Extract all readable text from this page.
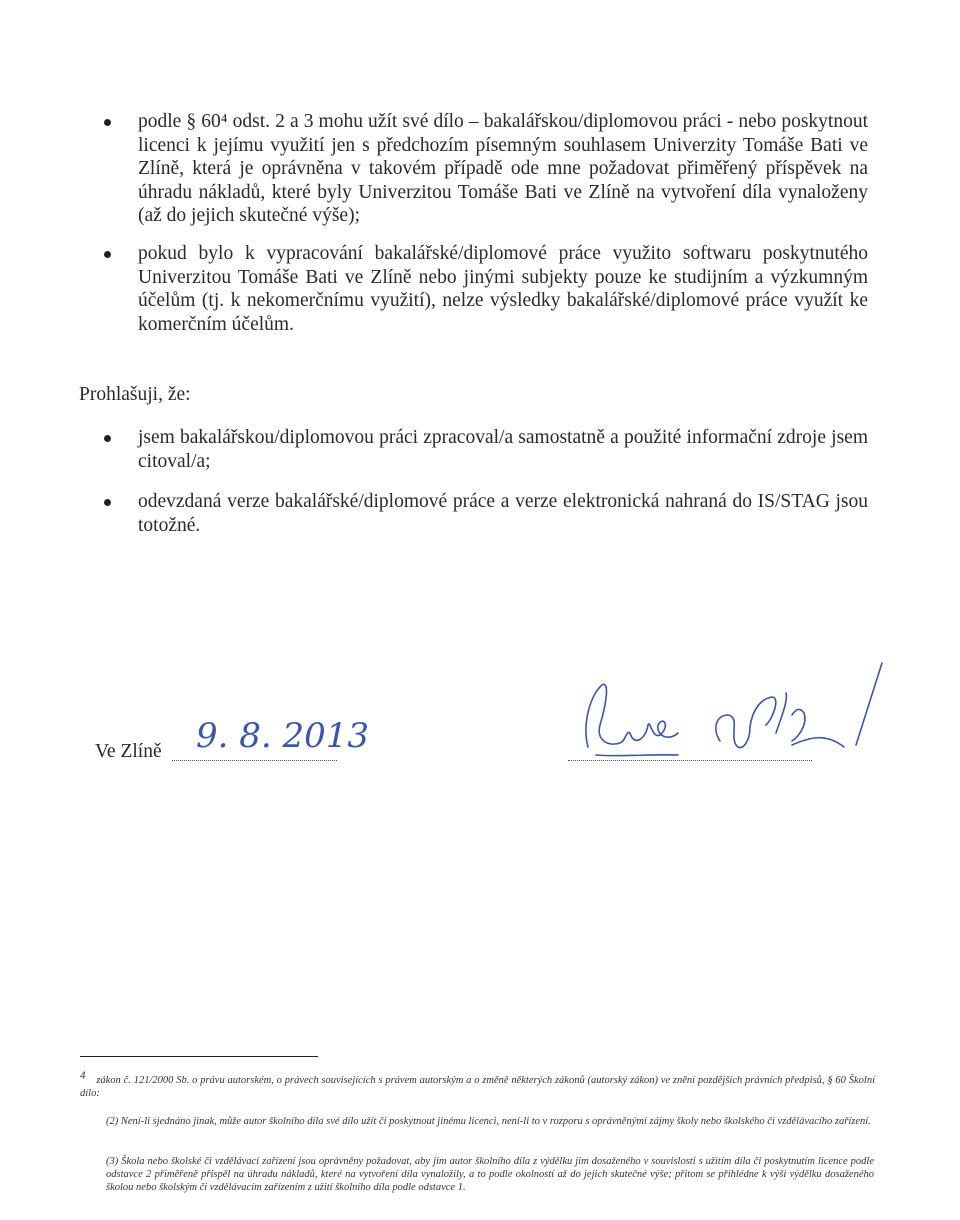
podle § 60⁴ odst. 2 a 3 mohu užít své dílo – bakalářskou/diplomovou práci - nebo poskytnout licenci k jejímu využití jen s předchozím písemným souhlasem Univerzity Tomáše Bati ve Zlíně, která je oprávněna v takovém případě ode mne požadovat přiměřený příspěvek na úhradu nákladů, které byly Univerzitou Tomáše Bati ve Zlíně na vytvoření díla vynaloženy (až do jejich skutečné výše);
pokud bylo k vypracování bakalářské/diplomové práce využito softwaru poskytnutého Univerzitou Tomáše Bati ve Zlíně nebo jinými subjekty pouze ke studijním a výzkumným účelům (tj. k nekomerčnímu využití), nelze výsledky bakalářské/diplomové práce využít ke komerčním účelům.
Prohlašuji, že:
jsem bakalářskou/diplomovou práci zpracoval/a samostatně a použité informační zdroje jsem citoval/a;
odevzdaná verze bakalářské/diplomové práce a verze elektronická nahraná do IS/STAG jsou totožné.
Ve Zlíně 9. 8. 2013
4 zákon č. 121/2000 Sb. o právu autorském, o právech souvisejících s právem autorským a o změně některých zákonů (autorský zákon) ve znění pozdějších právních předpisů, § 60 Školní dílo:
(2) Není-li sjednáno jinak, může autor školního díla své dílo užít či poskytnout jinému licenci, není-li to v rozporu s oprávněnými zájmy školy nebo školského či vzdělávacího zařízení.
(3) Škola nebo školské či vzdělávací zařízení jsou oprávněny požadovat, aby jim autor školního díla z výdělku jim dosaženého v souvislosti s užitím díla či poskytnutím licence podle odstavce 2 přiměřeně přispěl na úhradu nákladů, které na vytvoření díla vynaložily, a to podle okolností až do jejich skutečné výše; přitom se přihlédne k výši výdělku dosaženého školou nebo školským či vzdělávacím zařízením z užití školního díla podle odstavce 1.
